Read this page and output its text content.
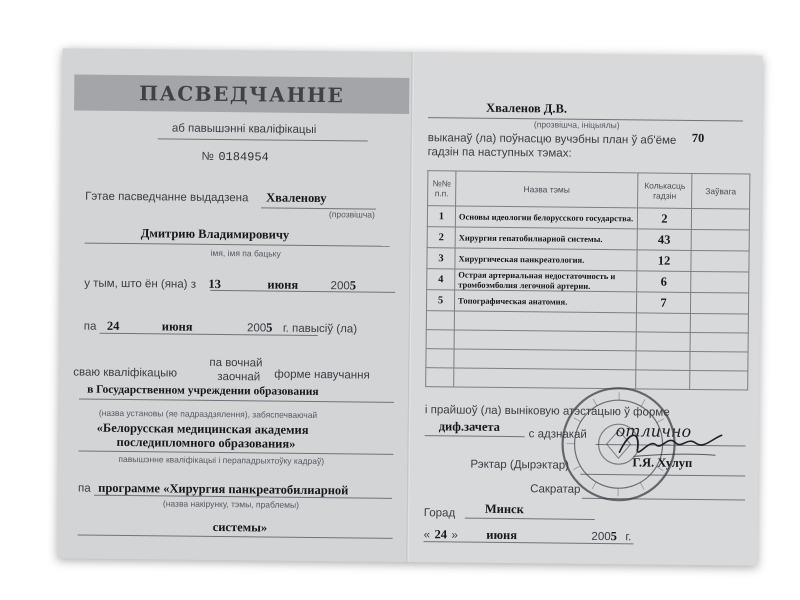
ПАСВЕДЧАННЕ
аб павышэнні кваліфікацыі
№ 0184954
Гэтае пасведчанне выдадзена Хваленову
(прозвішча)
Дмитрию Владимировичу
імя, імя па бацьку
у тым, што ён (яна) з 13	июня	2005
па 24	июня	2005 г. павысіў (ла)
сваю кваліфікацыю
па вочнай
заочнай форме навучання
в Государственном учреждении образования
(назва установы (яе падраздзялення), забяспечваючай
«Белорусская медицинская академия
последипломного образования»
павышэнне кваліфікацыі і перападрыхтоўку кадраў)
па программе «Хирургия панкреатобилиарной
(назва накірунку, тэмы, праблемы)
системы»
Хваленов Д.В.
(прозвішча, ініцыялы)
выканаў (ла) поўнасцю вучэбны план ў аб'ёме 70
гадзін па наступных тэмах:
№№ п.п.	Назва тэмы	Колькасць гадзін	Заўвага
1	Основы идеологии белорусского государства.	2	
2	Хирургия гепатобилиарной системы.	43	
3	Хирургическая панкреатология.	12	
4	Острая артериальная недостаточность и тромбоэмболия легочной артерии.	6	
5	Топографическая анатомия.	7	

і прайшоў (ла) выніковую атэстацыю ў форме
диф.зачета
с адзнакай отлично
Рэктар (Дырэктар)	Г.Я. Хулуп
Сакратар
Горад Минск
« 24 » июня	2005 г.
